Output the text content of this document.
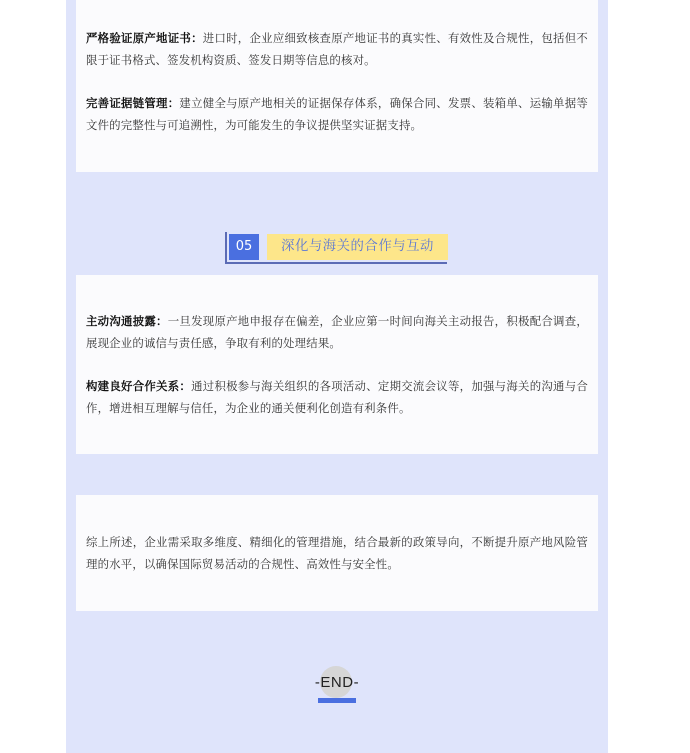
严格验证原产地证书：进口时，企业应细致核查原产地证书的真实性、有效性及合规性，包括但不限于证书格式、签发机构资质、签发日期等信息的核对。

完善证据链管理：建立健全与原产地相关的证据保存体系，确保合同、发票、装箱单、运输单据等文件的完整性与可追溯性，为可能发生的争议提供坚实证据支持。

05	深化与海关的合作与互动

主动沟通披露：一旦发现原产地申报存在偏差，企业应第一时间向海关主动报告，积极配合调查，展现企业的诚信与责任感，争取有利的处理结果。

构建良好合作关系：通过积极参与海关组织的各项活动、定期交流会议等，加强与海关的沟通与合作，增进相互理解与信任，为企业的通关便利化创造有利条件。

综上所述，企业需采取多维度、精细化的管理措施，结合最新的政策导向，不断提升原产地风险管理的水平，以确保国际贸易活动的合规性、高效性与安全性。

-END-
